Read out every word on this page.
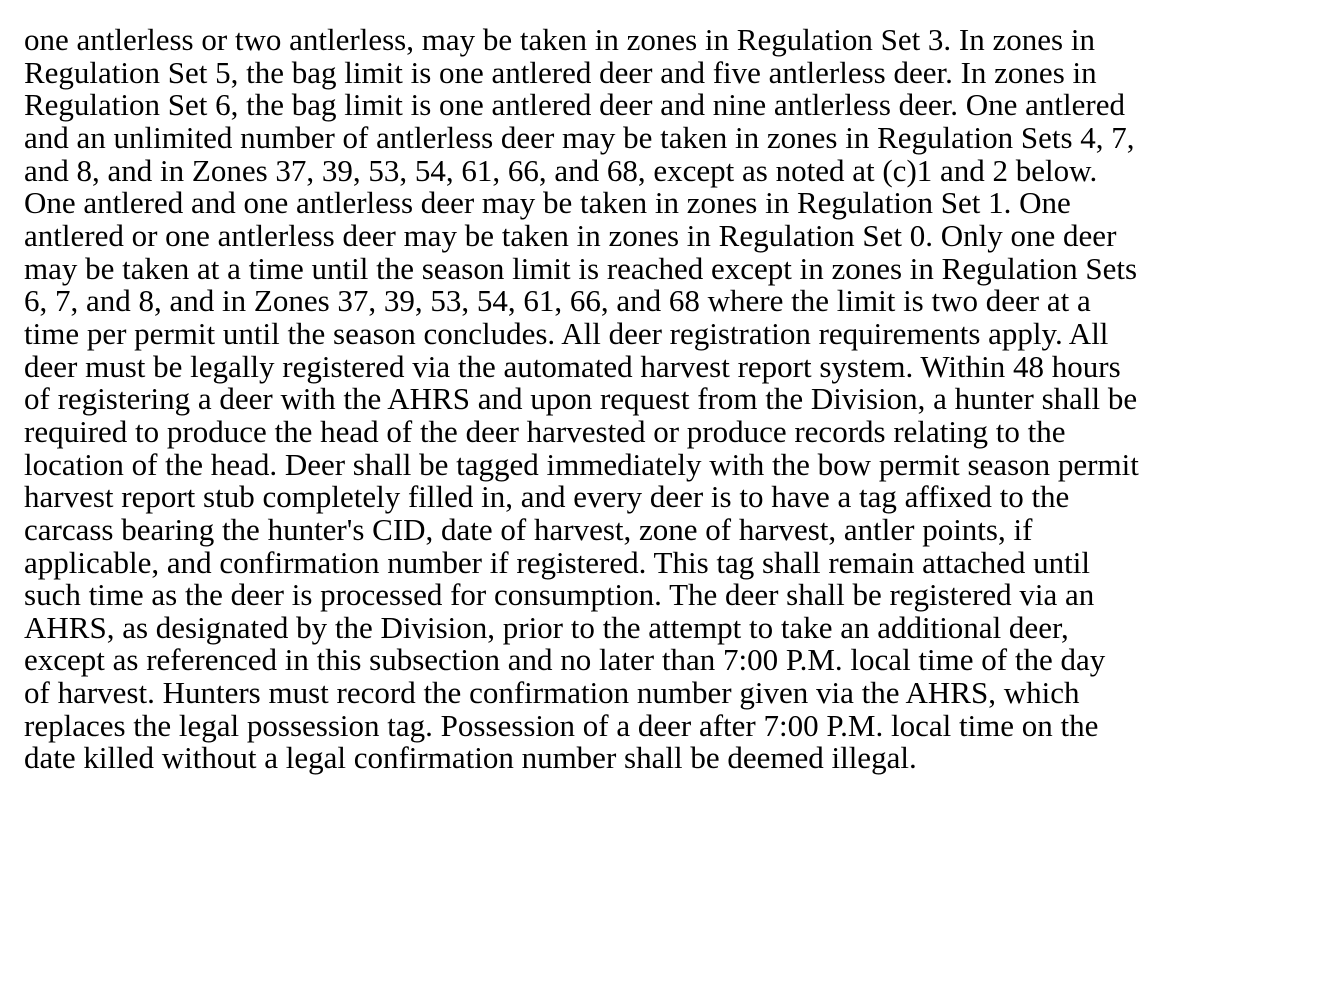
one antlerless or two antlerless, may be taken in zones in Regulation Set 3. In zones in
Regulation Set 5, the bag limit is one antlered deer and five antlerless deer. In zones in
Regulation Set 6, the bag limit is one antlered deer and nine antlerless deer. One antlered
and an unlimited number of antlerless deer may be taken in zones in Regulation Sets 4, 7,
and 8, and in Zones 37, 39, 53, 54, 61, 66, and 68, except as noted at (c)1 and 2 below.
One antlered and one antlerless deer may be taken in zones in Regulation Set 1. One
antlered or one antlerless deer may be taken in zones in Regulation Set 0. Only one deer
may be taken at a time until the season limit is reached except in zones in Regulation Sets
6, 7, and 8, and in Zones 37, 39, 53, 54, 61, 66, and 68 where the limit is two deer at a
time per permit until the season concludes. All deer registration requirements apply. All
deer must be legally registered via the automated harvest report system. Within 48 hours
of registering a deer with the AHRS and upon request from the Division, a hunter shall be
required to produce the head of the deer harvested or produce records relating to the
location of the head. Deer shall be tagged immediately with the bow permit season permit
harvest report stub completely filled in, and every deer is to have a tag affixed to the
carcass bearing the hunter's CID, date of harvest, zone of harvest, antler points, if
applicable, and confirmation number if registered. This tag shall remain attached until
such time as the deer is processed for consumption. The deer shall be registered via an
AHRS, as designated by the Division, prior to the attempt to take an additional deer,
except as referenced in this subsection and no later than 7:00 P.M. local time of the day
of harvest. Hunters must record the confirmation number given via the AHRS, which
replaces the legal possession tag. Possession of a deer after 7:00 P.M. local time on the
date killed without a legal confirmation number shall be deemed illegal.
